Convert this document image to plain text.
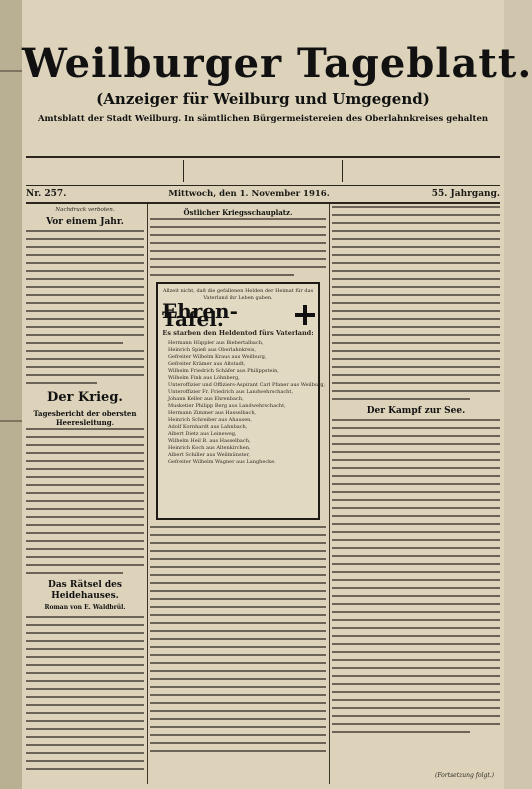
Weilburger Tageblatt.
(Anzeiger für Weilburg und Umgegend)
Amtsblatt der Stadt Weilburg. In sämtlichen Bürgermeistereien des Oberlahnkreises gehalten
Nr. 257.	Mittwoch, den 1. November 1916.	55. Jahrgang.
Nachdruck verboten.
Vor einem Jahr.
Der Krieg.
Tagesbericht der obersten Heeresleitung.
Das Rätsel des Heidehauses.
Roman von E. Waldbrül.
Östlicher Kriegsschauplatz.
Allzeit nicht, daß die gefallenen Helden der Heimat für das Vaterland ihr Leben gaben.
Ehren-Tafel.
Es starben den Heldentod fürs Vaterland:
Hermann Hüppler aus Biebertalbach,
Heinrich Spieß aus Oberlahnkreis,
Gefreiter Wilhelm Kraus aus Weilburg,
Gefreiter Krämer aus Altstadt,
Wilhelm Friedrich Schäfer aus Philippstein,
Wilhelm Fink aus Löhnberg,
Unteroffizier und Offiziers-Aspirant Carl Pfaner aus Weilburg,
Unteroffizier Fr. Friedrich aus Landwehrschacht,
Johann Keller aus Ehrenbach,
Musketier Philipp Berg aus Landwehrschacht,
Hermann Zimmer aus Hasselbach,
Heinrich Schreiber aus Ahausen,
Adolf Kornhardt aus Lahnbach,
Albert Dietz aus Leineweg,
Wilhelm Heil B. aus Hasselbach,
Heinrich Koch aus Altenkirchen,
Albert Schiller aus Weilmünster,
Gefreiter Wilhelm Wagner aus Langhecke.
Der Kampf zur See.
(Fortsetzung folgt.)
